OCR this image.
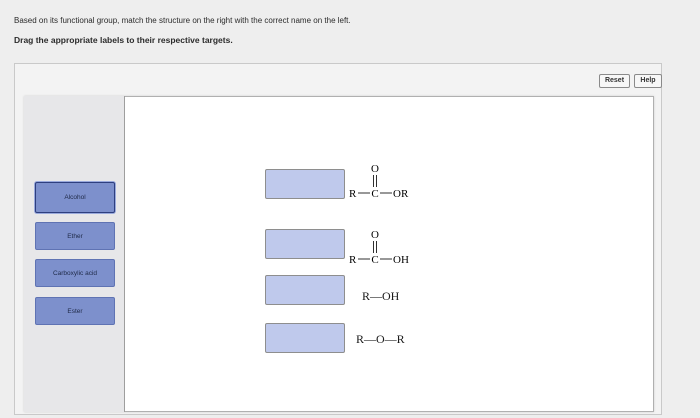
Based on its functional group, match the structure on the right with the correct name on the left.
Drag the appropriate labels to their respective targets.
Reset	Help
Alcohol
Ether
Carboxylic acid
Ester
O
R C OR
O
R C OH
R—OH
R—O—R
